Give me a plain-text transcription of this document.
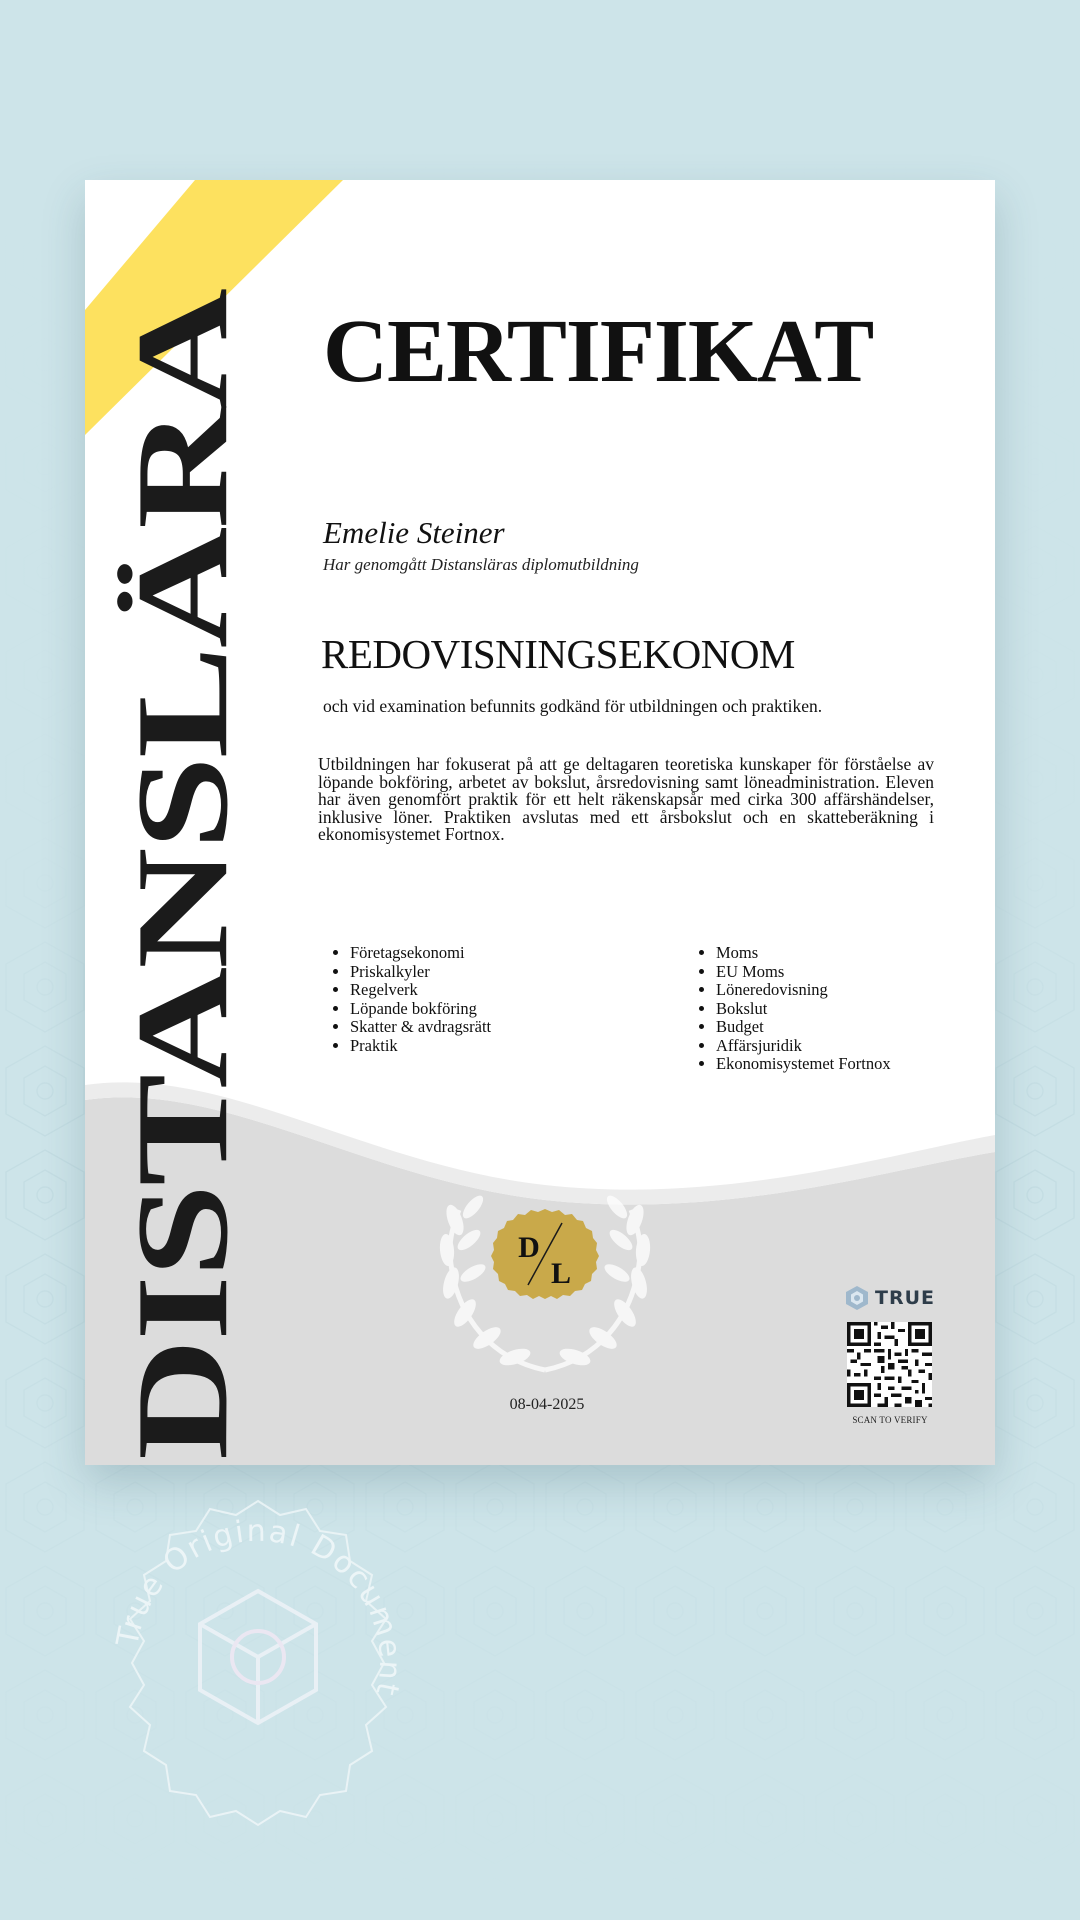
DISTANSLÄRA CERTIFIKAT
Emelie Steiner
Har genomgått Distansläras diplomutbildning
REDOVISNINGSEKONOM
och vid examination befunnits godkänd för utbildningen och praktiken.
Utbildningen har fokuserat på att ge deltagaren teoretiska kunskaper för förståelse av löpande bokföring, arbetet av bokslut, årsredovisning samt löneadministration. Eleven har även genomfört praktik för ett helt räkenskapsår med cirka 300 affärshändelser, inklusive löner. Praktiken avslutas med ett årsbokslut och en skatteberäkning i ekonomisystemet Fortnox.
• Företagsekonomi
• Priskalkyler
• Regelverk
• Löpande bokföring
• Skatter & avdragsrätt
• Praktik
• Moms
• EU Moms
• Löneredovisning
• Bokslut
• Budget
• Affärsjuridik
• Ekonomisystemet Fortnox
D
L
08-04-2025
TRUE
SCAN TO VERIFY
True Original Document
